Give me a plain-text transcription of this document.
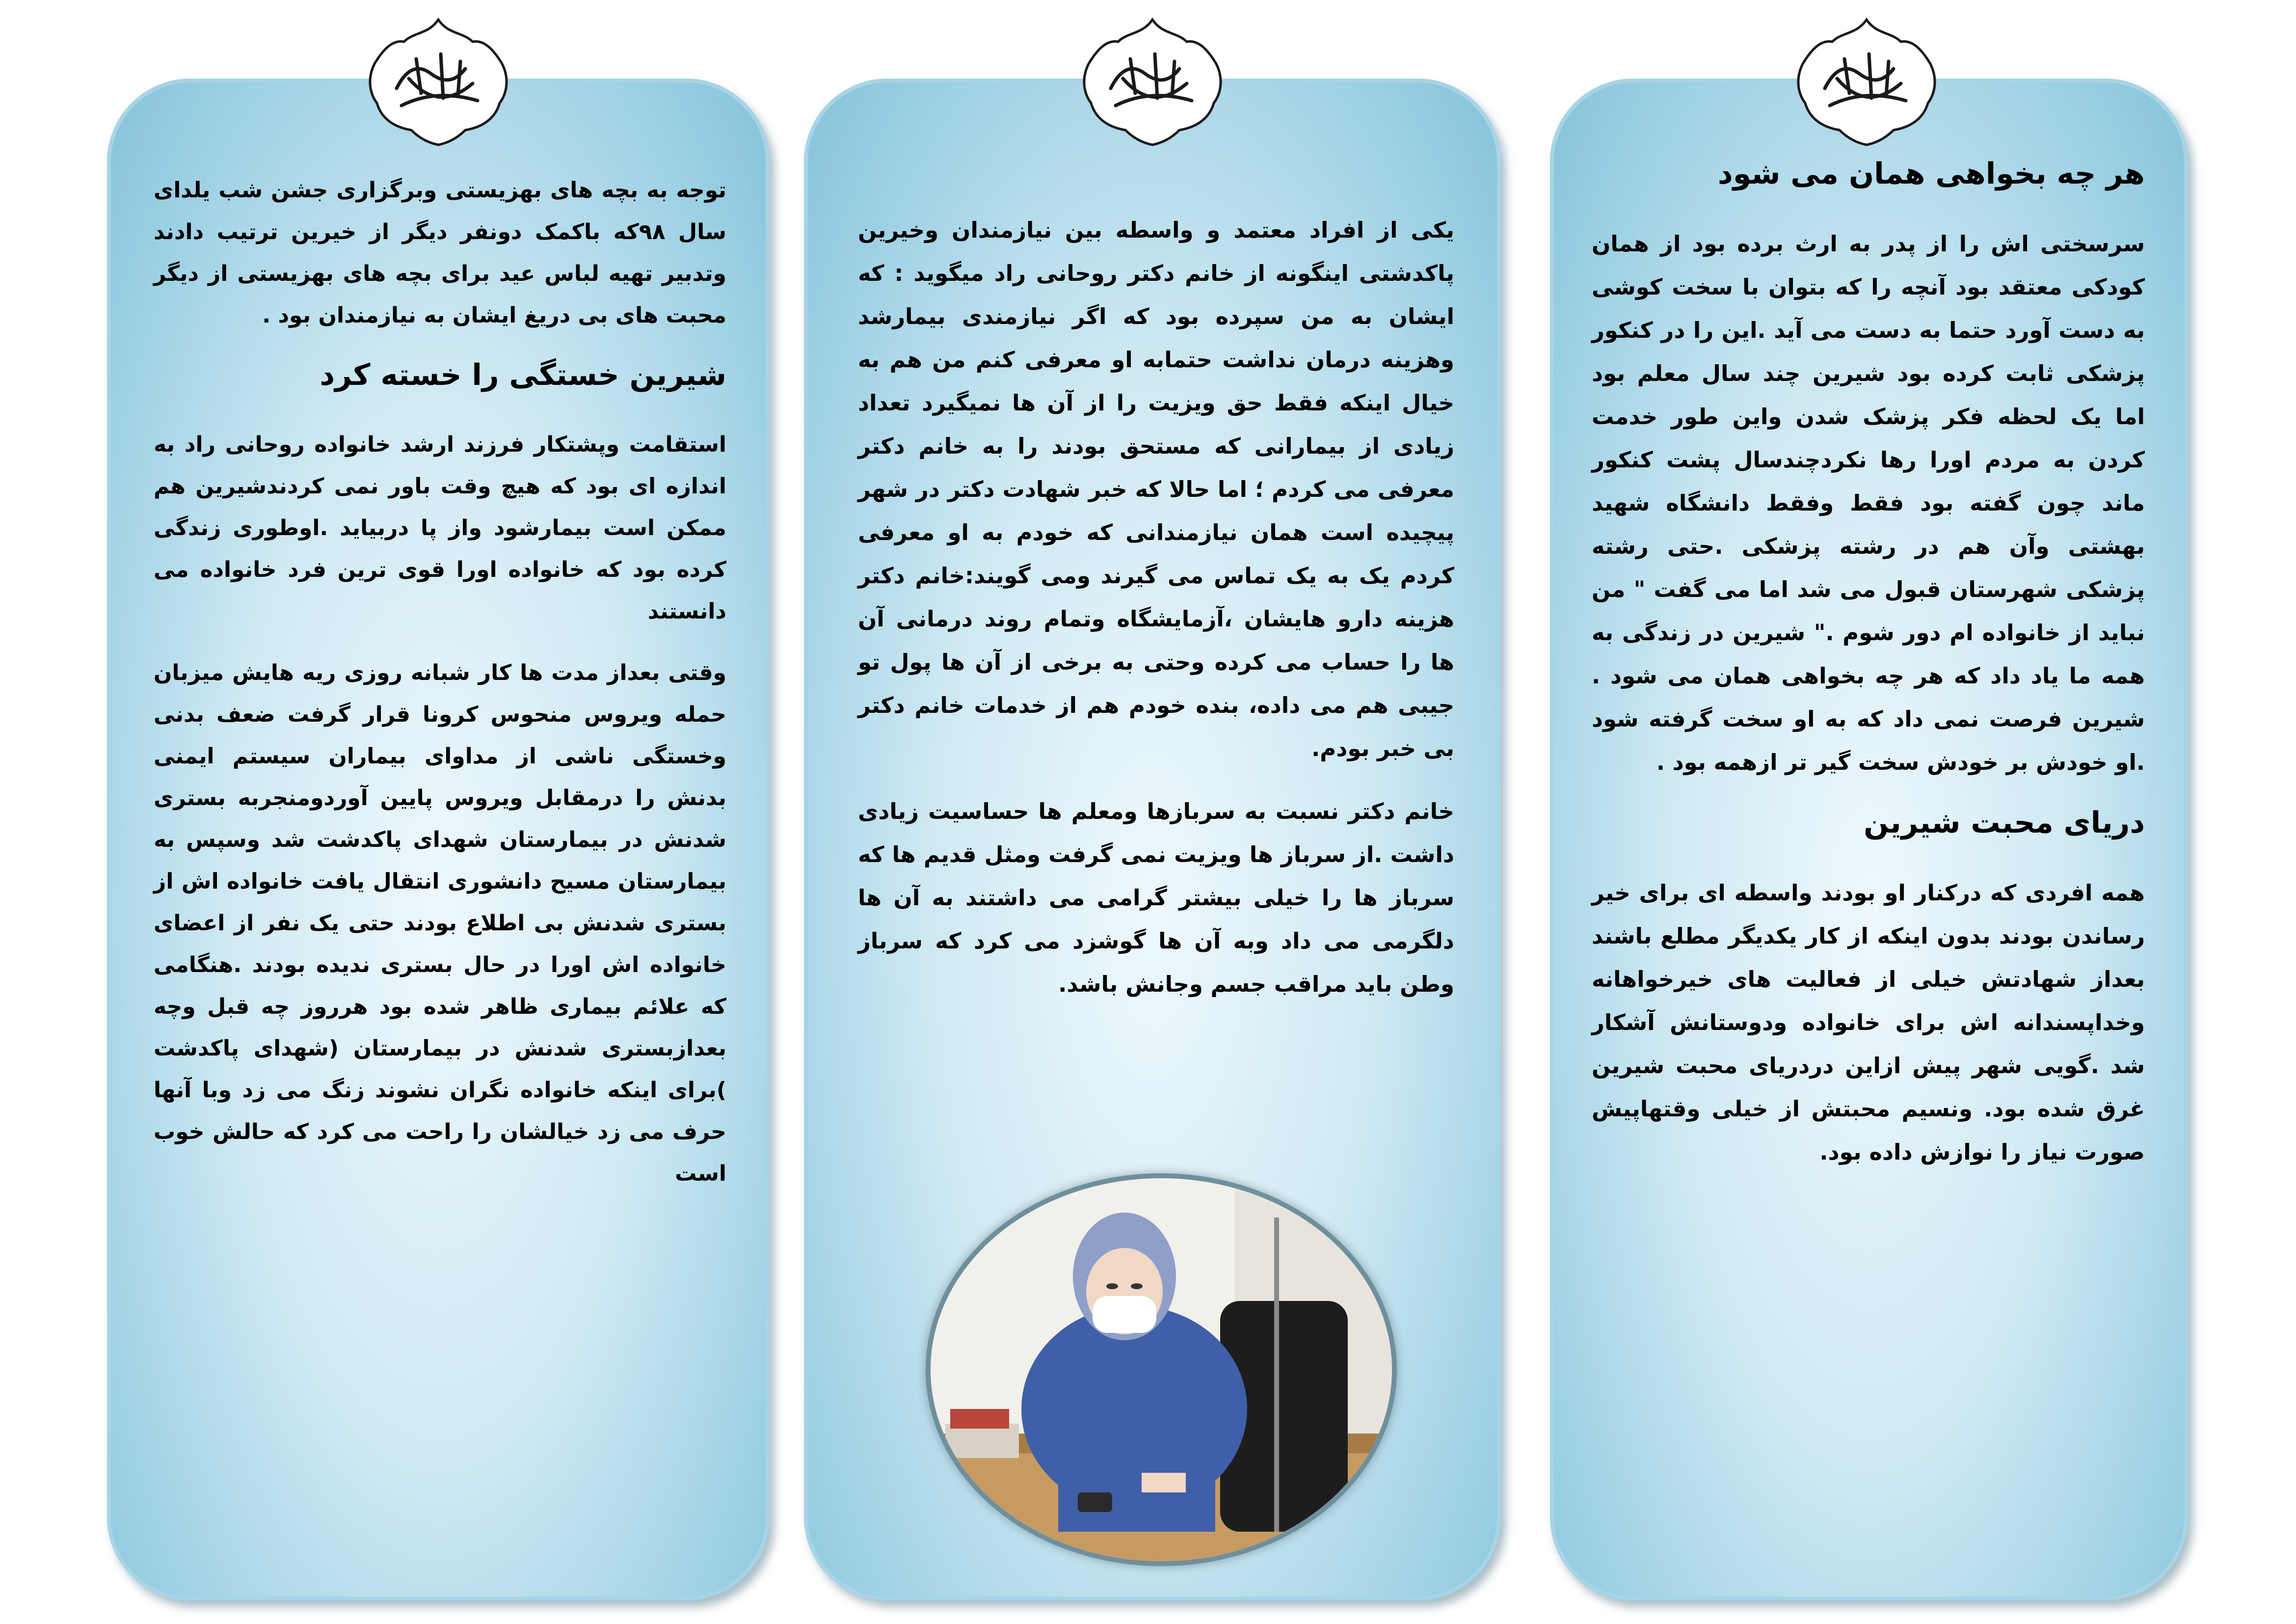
توجه به بچه های بهزیستی وبرگزاری جشن شب یلدای سال ۹۸که باکمک دونفر دیگر از خیرین ترتیب دادند وتدبیر تهیه لباس عید برای بچه های بهزیستی از دیگر محبت های بی دریغ ایشان به نیازمندان بود .

شیرین خستگی را خسته کرد

استقامت وپشتکار فرزند ارشد خانواده روحانی راد به اندازه ای بود که هیچ وقت باور نمی کردندشیرین هم ممکن است بیمارشود واز پا دربیاید .اوطوری زندگی کرده بود که خانواده اورا قوی ترین فرد خانواده می دانستند

وقتی بعداز مدت ها کار شبانه روزی ریه هایش میزبان حمله ویروس منحوس کرونا قرار گرفت ضعف بدنی وخستگی ناشی از مداوای بیماران سیستم ایمنی بدنش را درمقابل ویروس پایین آوردومنجربه بستری شدنش در بیمارستان شهدای پاکدشت شد وسپس به بیمارستان مسیح دانشوری انتقال یافت خانواده اش از بستری شدنش بی اطلاع بودند حتی یک نفر از اعضای خانواده اش اورا در حال بستری ندیده بودند .هنگامی که علائم بیماری ظاهر شده بود هرروز چه قبل وچه بعدازبستری شدنش در بیمارستان (شهدای پاکدشت )برای اینکه خانواده نگران نشوند زنگ می زد وبا آنها حرف می زد خیالشان را راحت می کرد که حالش خوب است

یکی از افراد معتمد و واسطه بین نیازمندان وخیرین پاکدشتی اینگونه از خانم دکتر روحانی راد میگوید : که ایشان به من سپرده بود که اگر نیازمندی بیمارشد وهزینه درمان نداشت حتمابه او معرفی کنم من هم به خیال اینکه فقط حق ویزیت را از آن ها نمیگیرد تعداد زیادی از بیمارانی که مستحق بودند را به خانم دکتر معرفی می کردم ؛ اما حالا که خبر شهادت دکتر در شهر پیچیده است همان نیازمندانی که خودم به او معرفی کردم یک به یک تماس می گیرند ومی گویند:خانم دکتر هزینه دارو هایشان ،آزمایشگاه وتمام روند درمانی آن ها را حساب می کرده وحتی به برخی از آن ها پول تو جیبی هم می داده، بنده خودم هم از خدمات خانم دکتر بی خبر بودم.

خانم دکتر نسبت به سربازها ومعلم ها حساسیت زیادی داشت .از سرباز ها ویزیت نمی گرفت ومثل قدیم ها که سرباز ها را خیلی بیشتر گرامی می داشتند به آن ها دلگرمی می داد وبه آن ها گوشزد می کرد که سرباز وطن باید مراقب جسم وجانش باشد.

هر چه بخواهی همان می شود

سرسختی اش را از پدر به ارث برده بود از همان کودکی معتقد بود آنچه را که بتوان با سخت کوشی به دست آورد حتما به دست می آید .این را در کنکور پزشکی ثابت کرده بود شیرین چند سال معلم بود اما یک لحظه فکر پزشک شدن واین طور خدمت کردن به مردم اورا رها نکردچندسال پشت کنکور ماند چون گفته بود فقط وفقط دانشگاه شهید بهشتی وآن هم در رشته پزشکی .حتی رشته پزشکی شهرستان قبول می شد اما می گفت " من نباید از خانواده ام دور شوم ." شیرین در زندگی به همه ما یاد داد که هر چه بخواهی همان می شود . شیرین فرصت نمی داد که به او سخت گرفته شود .او خودش بر خودش سخت گیر تر ازهمه بود .

دریای محبت شیرین

همه افردی که درکنار او بودند واسطه ای برای خیر رساندن بودند بدون اینکه از کار یکدیگر مطلع باشند بعداز شهادتش خیلی از فعالیت های خیرخواهانه وخداپسندانه اش برای خانواده ودوستانش آشکار شد .گویی شهر پیش ازاین دردریای محبت شیرین غرق شده بود. ونسیم محبتش از خیلی وقتهاپیش صورت نیاز را نوازش داده بود.
